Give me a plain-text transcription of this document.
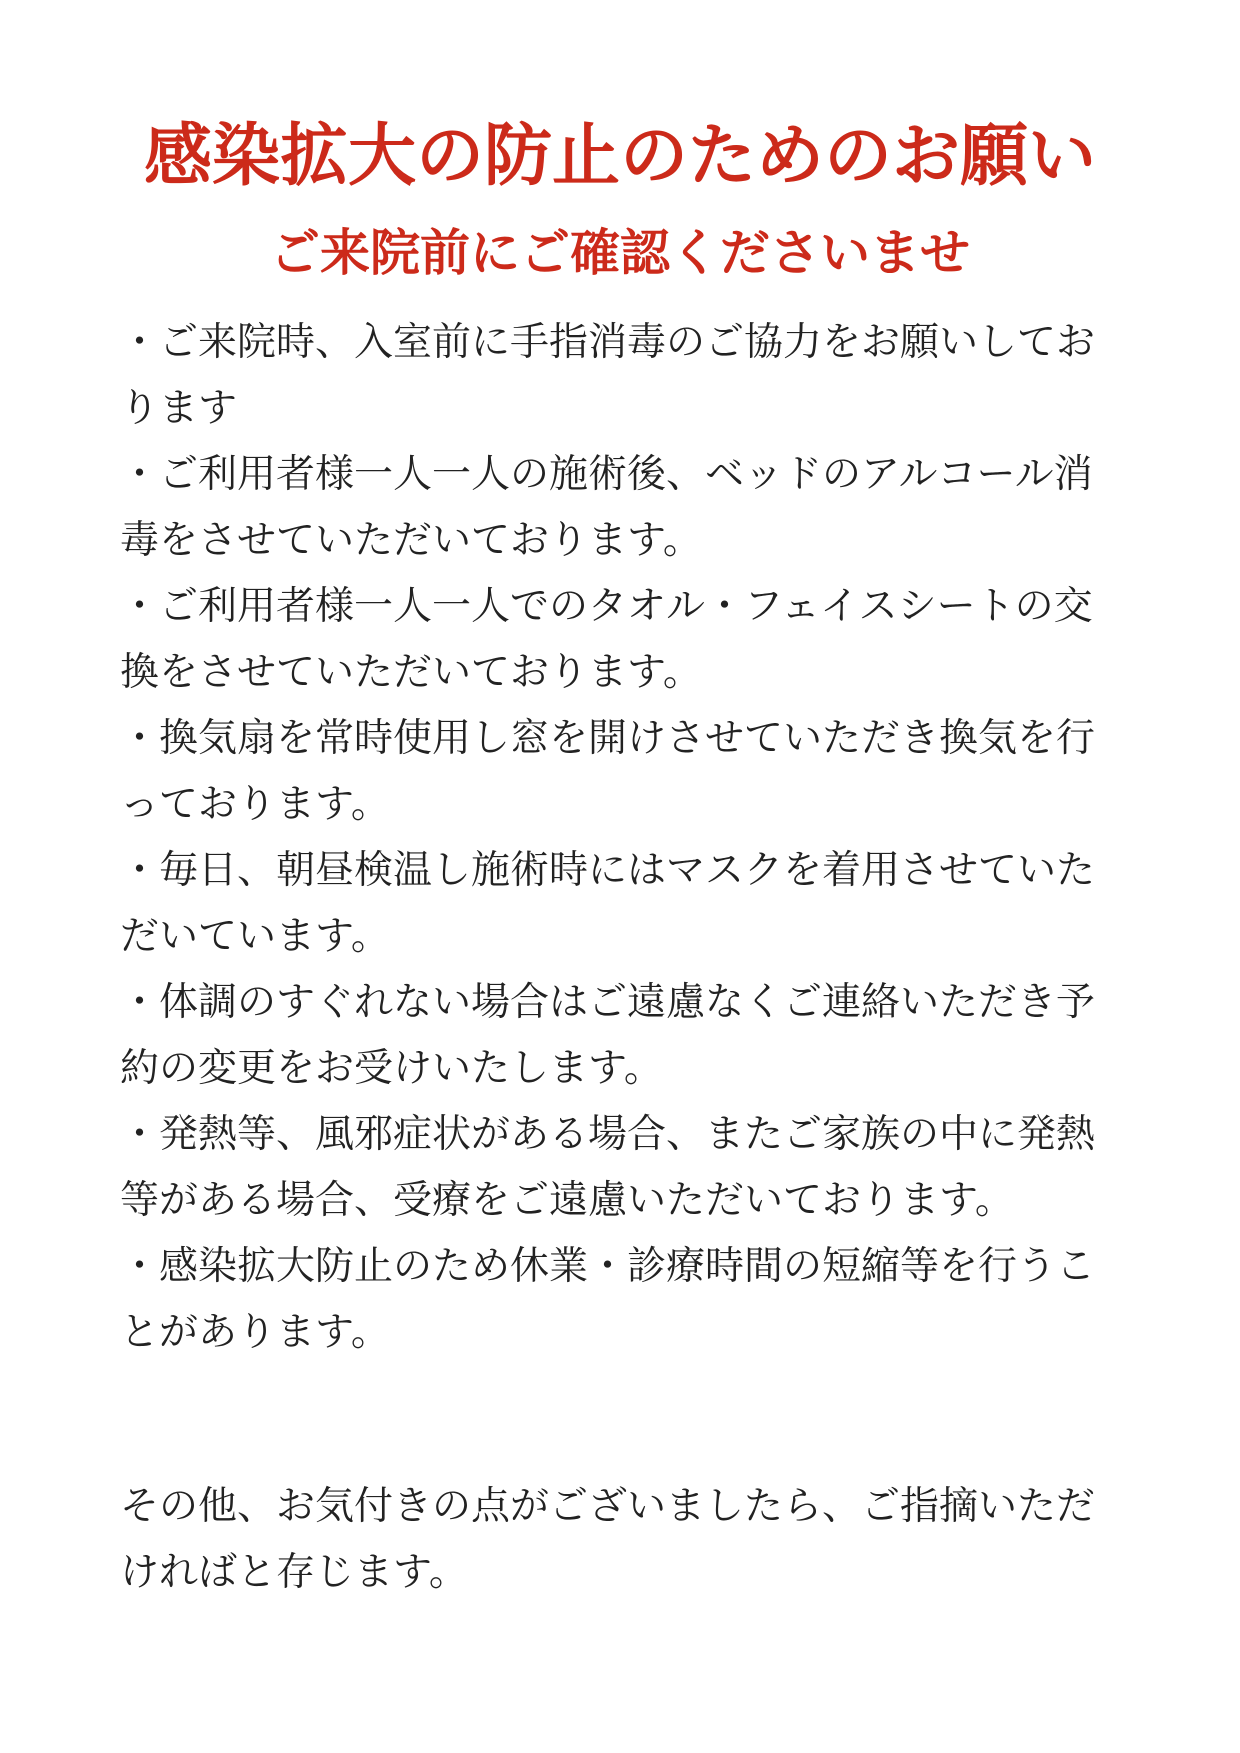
感染拡大の防止のためのお願い
ご来院前にご確認くださいませ
・ご来院時、入室前に手指消毒のご協力をお願いしております
・ご利用者様一人一人の施術後、ベッドのアルコール消毒をさせていただいております。
・ご利用者様一人一人でのタオル・フェイスシートの交換をさせていただいております。
・換気扇を常時使用し窓を開けさせていただき換気を行っております。
・毎日、朝昼検温し施術時にはマスクを着用させていただいています。
・体調のすぐれない場合はご遠慮なくご連絡いただき予約の変更をお受けいたします。
・発熱等、風邪症状がある場合、またご家族の中に発熱等がある場合、受療をご遠慮いただいております。
・感染拡大防止のため休業・診療時間の短縮等を行うことがあります。

その他、お気付きの点がございましたら、ご指摘いただければと存じます。
